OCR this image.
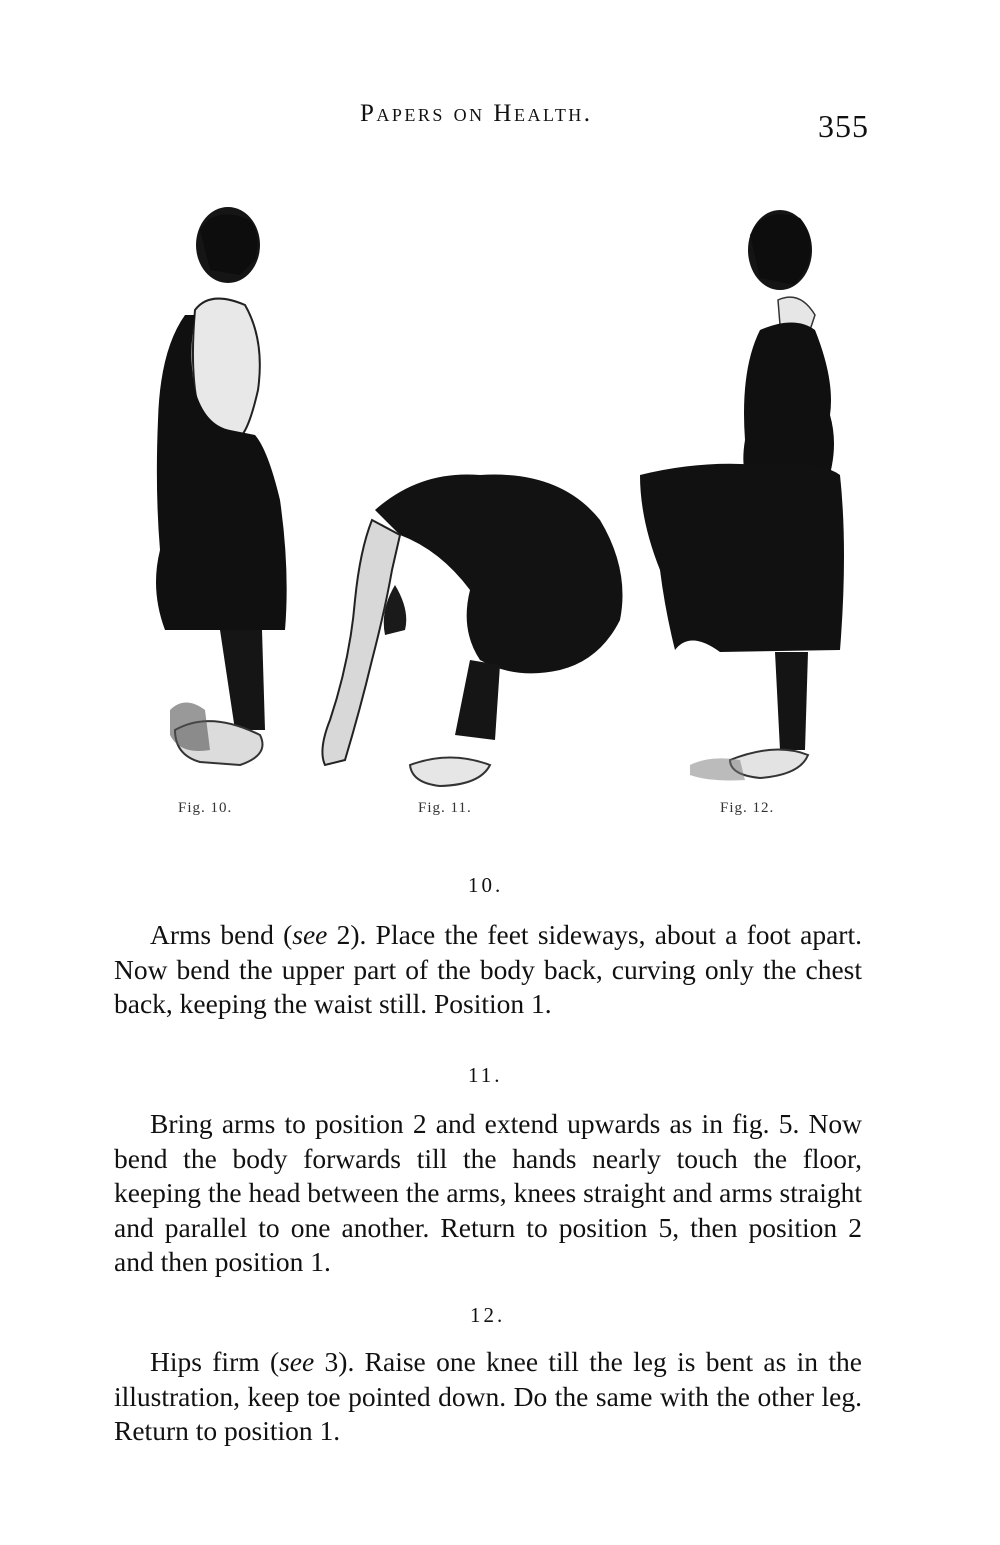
Papers on Health.	355
Fig. 10.	Fig. 11.	Fig. 12.
10.

Arms bend (see 2). Place the feet sideways, about a foot apart. Now bend the upper part of the body back, curving only the chest back, keeping the waist still. Position 1.

11.

Bring arms to position 2 and extend upwards as in fig. 5. Now bend the body forwards till the hands nearly touch the floor, keeping the head between the arms, knees straight and arms straight and parallel to one another. Return to position 5, then position 2 and then position 1.

12.

Hips firm (see 3). Raise one knee till the leg is bent as in the illustration, keep toe pointed down. Do the same with the other leg. Return to position 1.
